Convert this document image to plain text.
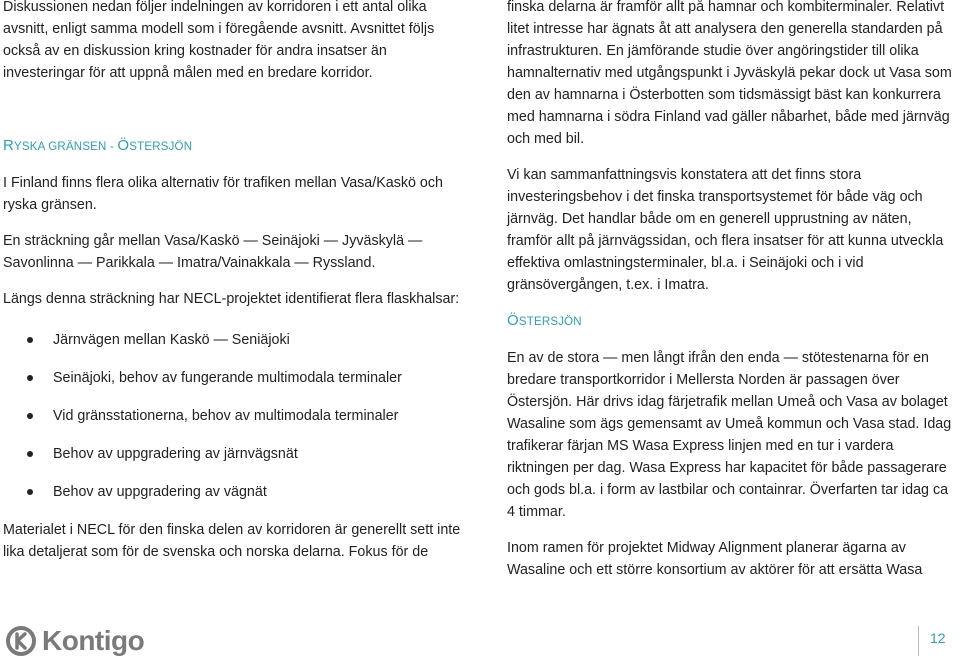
Diskussionen nedan följer indelningen av korridoren i ett antal olika avsnitt, enligt samma modell som i föregående avsnitt. Avsnittet följs också av en diskussion kring kostnader för andra insatser än investeringar för att uppnå målen med en bredare korridor.

RYSKA GRÄNSEN - ÖSTERSJÖN

I Finland finns flera olika alternativ för trafiken mellan Vasa/Kaskö och ryska gränsen.

En sträckning går mellan Vasa/Kaskö — Seinäjoki — Jyväskylä — Savonlinna — Parikkala — Imatra/Vainakkala — Ryssland.

Längs denna sträckning har NECL-projektet identifierat flera flaskhalsar:

Järnvägen mellan Kaskö — Seniäjoki
Seinäjoki, behov av fungerande multimodala terminaler
Vid gränsstationerna, behov av multimodala terminaler
Behov av uppgradering av järnvägsnät
Behov av uppgradering av vägnät

Materialet i NECL för den finska delen av korridoren är generellt sett inte lika detaljerat som för de svenska och norska delarna. Fokus för de

finska delarna är framför allt på hamnar och kombiterminaler. Relativt litet intresse har ägnats åt att analysera den generella standarden på infrastrukturen. En jämförande studie över angöringstider till olika hamnalternativ med utgångspunkt i Jyväskylä pekar dock ut Vasa som den av hamnarna i Österbotten som tidsmässigt bäst kan konkurrera med hamnarna i södra Finland vad gäller nåbarhet, både med järnväg och med bil.

Vi kan sammanfattningsvis konstatera att det finns stora investeringsbehov i det finska transportsystemet för både väg och järnväg. Det handlar både om en generell upprustning av näten, framför allt på järnvägssidan, och flera insatser för att kunna utveckla effektiva omlastningsterminaler, bl.a. i Seinäjoki och i vid gränsövergången, t.ex. i Imatra.

ÖSTERSJÖN

En av de stora — men långt ifrån den enda — stötestenarna för en bredare transportkorridor i Mellersta Norden är passagen över Östersjön. Här drivs idag färjetrafik mellan Umeå och Vasa av bolaget Wasaline som ägs gemensamt av Umeå kommun och Vasa stad. Idag trafikerar färjan MS Wasa Express linjen med en tur i vardera riktningen per dag. Wasa Express har kapacitet för både passagerare och gods bl.a. i form av lastbilar och containrar. Överfarten tar idag ca 4 timmar.

Inom ramen för projektet Midway Alignment planerar ägarna av Wasaline och ett större konsortium av aktörer för att ersätta Wasa

Kontigo	12
